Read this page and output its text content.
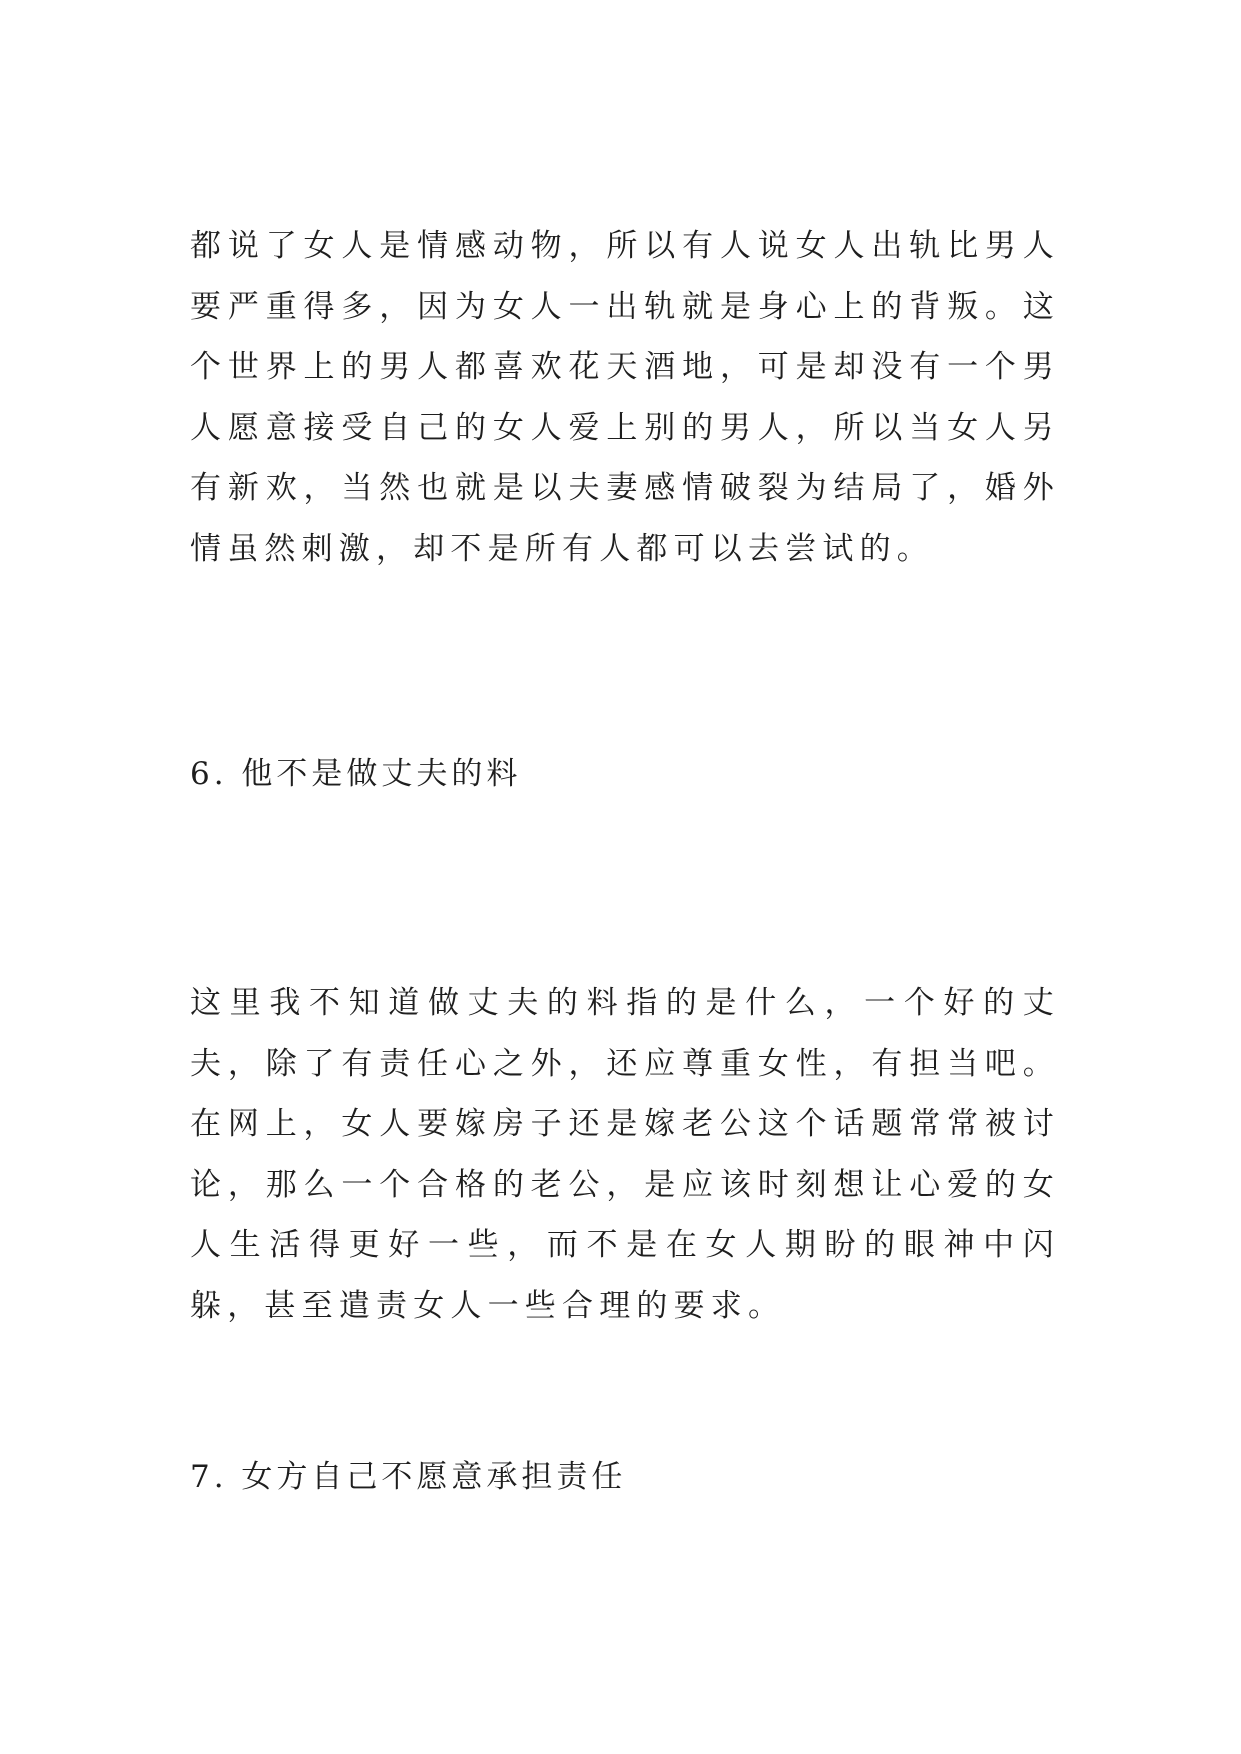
都说了女人是情感动物，所以有人说女人出轨比男人要严重得多，因为女人一出轨就是身心上的背叛。这个世界上的男人都喜欢花天酒地，可是却没有一个男人愿意接受自己的女人爱上别的男人，所以当女人另有新欢，当然也就是以夫妻感情破裂为结局了，婚外情虽然刺激，却不是所有人都可以去尝试的。

6. 他不是做丈夫的料

这里我不知道做丈夫的料指的是什么，一个好的丈夫，除了有责任心之外，还应尊重女性，有担当吧。在网上，女人要嫁房子还是嫁老公这个话题常常被讨论，那么一个合格的老公，是应该时刻想让心爱的女人生活得更好一些，而不是在女人期盼的眼神中闪躲，甚至遣责女人一些合理的要求。

7. 女方自己不愿意承担责任
